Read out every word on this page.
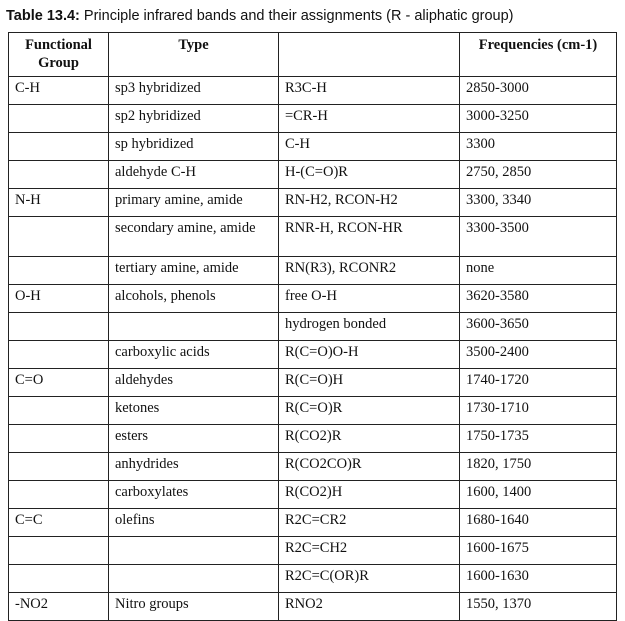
Table 13.4: Principle infrared bands and their assignments (R - aliphatic group)
Functional Group	Type		Frequencies (cm-1)
C-H	sp3 hybridized	R3C-H	2850-3000
	sp2 hybridized	=CR-H	3000-3250
	sp hybridized	C-H	3300
	aldehyde C-H	H-(C=O)R	2750, 2850
N-H	primary amine, amide	RN-H2, RCON-H2	3300, 3340
	secondary amine, amide	RNR-H, RCON-HR	3300-3500
	tertiary amine, amide	RN(R3), RCONR2	none
O-H	alcohols, phenols	free O-H	3620-3580
		hydrogen bonded	3600-3650
	carboxylic acids	R(C=O)O-H	3500-2400
C=O	aldehydes	R(C=O)H	1740-1720
	ketones	R(C=O)R	1730-1710
	esters	R(CO2)R	1750-1735
	anhydrides	R(CO2CO)R	1820, 1750
	carboxylates	R(CO2)H	1600, 1400
C=C	olefins	R2C=CR2	1680-1640
		R2C=CH2	1600-1675
		R2C=C(OR)R	1600-1630
-NO2	Nitro groups	RNO2	1550, 1370
